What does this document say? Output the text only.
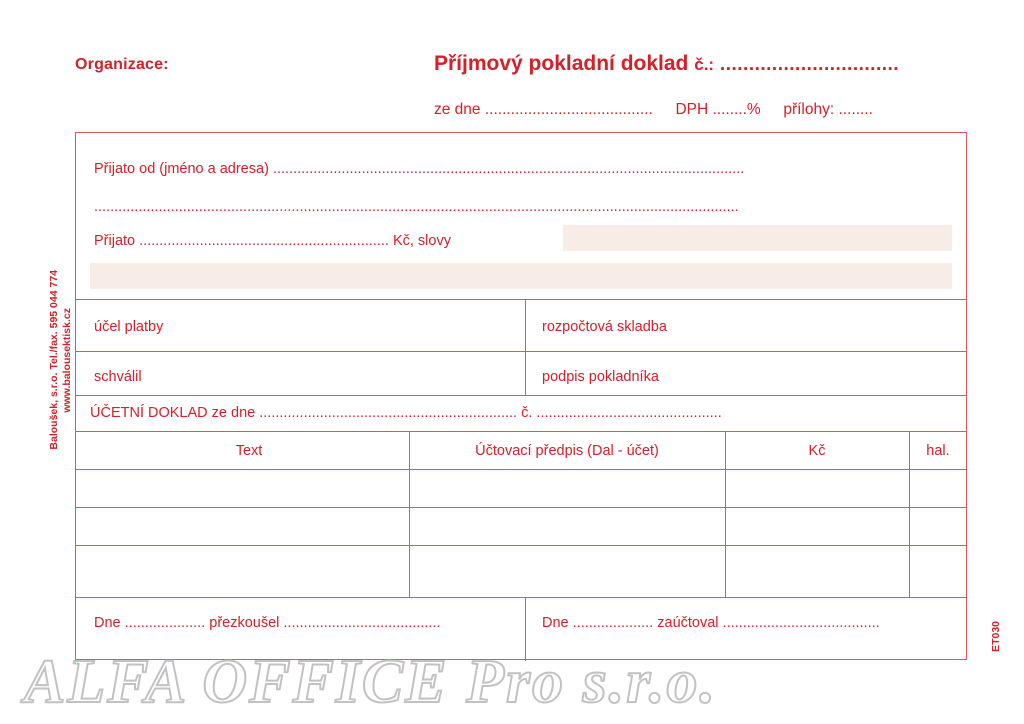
Organizace:	Příjmový pokladní doklad č.: ...............................
ze dne ....................................... DPH ........% přílohy: ........
Baloušek, s.r.o. Tel./fax. 595 044 774 www.balousektisk.cz
ET030
Přijato od (jméno a adresa) .....................................................................................................................
................................................................................................................................................................
Přijato .............................................................. Kč, slovy
účel platby	rozpočtová skladba
schválil	podpis pokladníka
ÚČETNÍ DOKLAD ze dne ................................................................ č. ..............................................
Text	Účtovací předpis (Dal - účet)	Kč	hal.
Dne .................... přezkoušel .......................................	Dne .................... zaúčtoval .......................................
ALFA OFFICE Pro s.r.o.
